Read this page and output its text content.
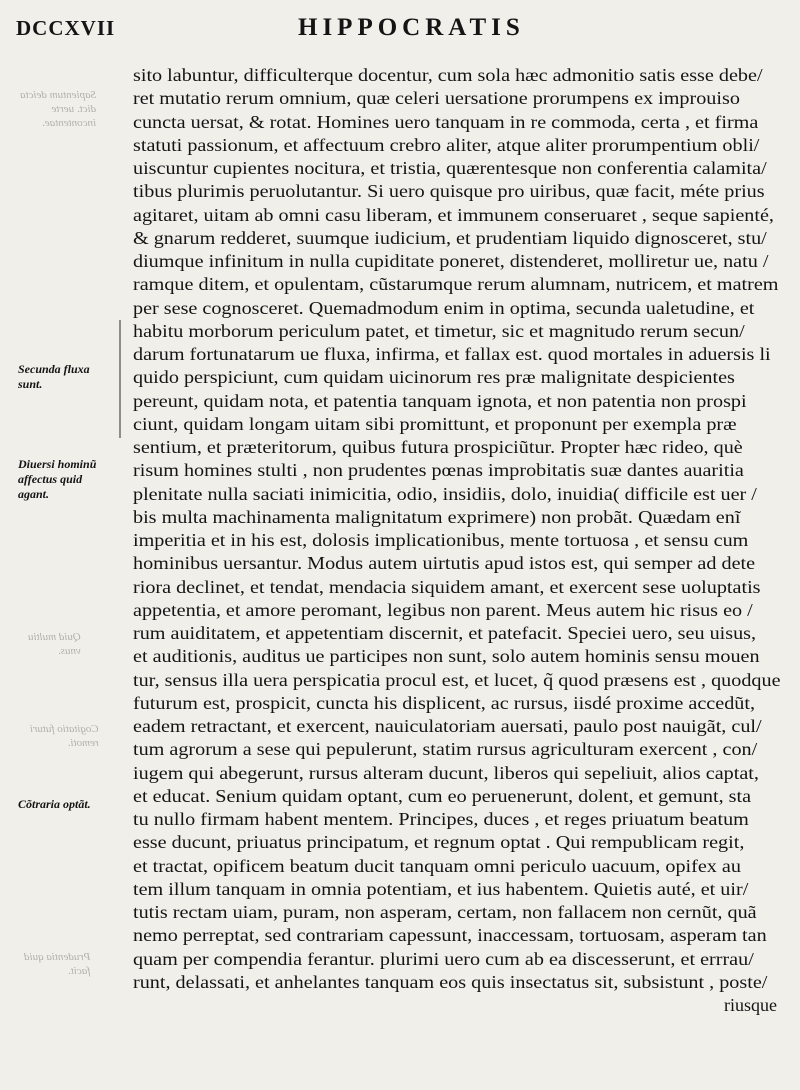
DCCXVII	HIPPOCRATIS
Sapientum deicta
dict. uerte
incontentae.
Quid multiu
vnus.
Cogitatio futuri
remoti.
Prudentia quid
facit.
Secunda fluxa
sunt.
Diuersi hominũ
affectus quid
agant.
Cõtraria optãt.
sito labuntur, difficulterque docentur, cum sola hæc admonitio satis esse debe/
ret mutatio rerum omnium, quæ celeri uersatione prorumpens ex improuiso
cuncta uersat, & rotat. Homines uero tanquam in re commoda, certa , et firma
statuti passionum, et affectuum crebro aliter, atque aliter prorumpentium obli/
uiscuntur cupientes nocitura, et tristia, quærentesque non conferentia calamita/
tibus plurimis peruolutantur. Si uero quisque pro uiribus, quæ facit, méte prius
agitaret, uitam ab omni casu liberam, et immunem conseruaret , seque sapienté,
& gnarum redderet, suumque iudicium, et prudentiam liquido dignosceret, stu/
diumque infinitum in nulla cupiditate poneret, distenderet, molliretur ue, natu /
ramque ditem, et opulentam, cũstarumque rerum alumnam, nutricem, et matrem
per sese cognosceret. Quemadmodum enim in optima, secunda ualetudine, et
habitu morborum periculum patet, et timetur, sic et magnitudo rerum secun/
darum fortunatarum ue fluxa, infirma, et fallax est. quod mortales in aduersis li
quido perspiciunt, cum quidam uicinorum res præ malignitate despicientes
pereunt, quidam nota, et patentia tanquam ignota, et non patentia non prospi
ciunt, quidam longam uitam sibi promittunt, et proponunt per exempla præ
sentium, et præteritorum, quibus futura prospiciũtur. Propter hæc rideo, què
risum homines stulti , non prudentes pœnas improbitatis suæ dantes auaritia
plenitate nulla saciati inimicitia, odio, insidiis, dolo, inuidia( difficile est uer /
bis multa machinamenta malignitatum exprimere) non probãt. Quædam enĩ
imperitia et in his est, dolosis implicationibus, mente tortuosa , et sensu cum
hominibus uersantur. Modus autem uirtutis apud istos est, qui semper ad dete
riora declinet, et tendat, mendacia siquidem amant, et exercent sese uoluptatis
appetentia, et amore peromant, legibus non parent. Meus autem hic risus eo /
rum auiditatem, et appetentiam discernit, et patefacit. Speciei uero, seu uisus,
et auditionis, auditus ue participes non sunt, solo autem hominis sensu mouen
tur, sensus illa uera perspicatia procul est, et lucet, q̃ quod præsens est , quodque
futurum est, prospicit, cuncta his displicent, ac rursus, iisdé proxime accedũt,
eadem retractant, et exercent, nauiculatoriam auersati, paulo post nauigãt, cul/
tum agrorum a sese qui pepulerunt, statim rursus agriculturam exercent , con/
iugem qui abegerunt, rursus alteram ducunt, liberos qui sepeliuit, alios captat,
et educat. Senium quidam optant, cum eo peruenerunt, dolent, et gemunt, sta
tu nullo firmam habent mentem. Principes, duces , et reges priuatum beatum
esse ducunt, priuatus principatum, et regnum optat . Qui rempublicam regit,
et tractat, opificem beatum ducit tanquam omni periculo uacuum, opifex au
tem illum tanquam in omnia potentiam, et ius habentem. Quietis auté, et uir/
tutis rectam uiam, puram, non asperam, certam, non fallacem non cernũt, quã
nemo perreptat, sed contrariam capessunt, inaccessam, tortuosam, asperam tan
quam per compendia ferantur. plurimi uero cum ab ea discesserunt, et errrau/
runt, delassati, et anhelantes tanquam eos quis insectatus sit, subsistunt , poste/
riusque
